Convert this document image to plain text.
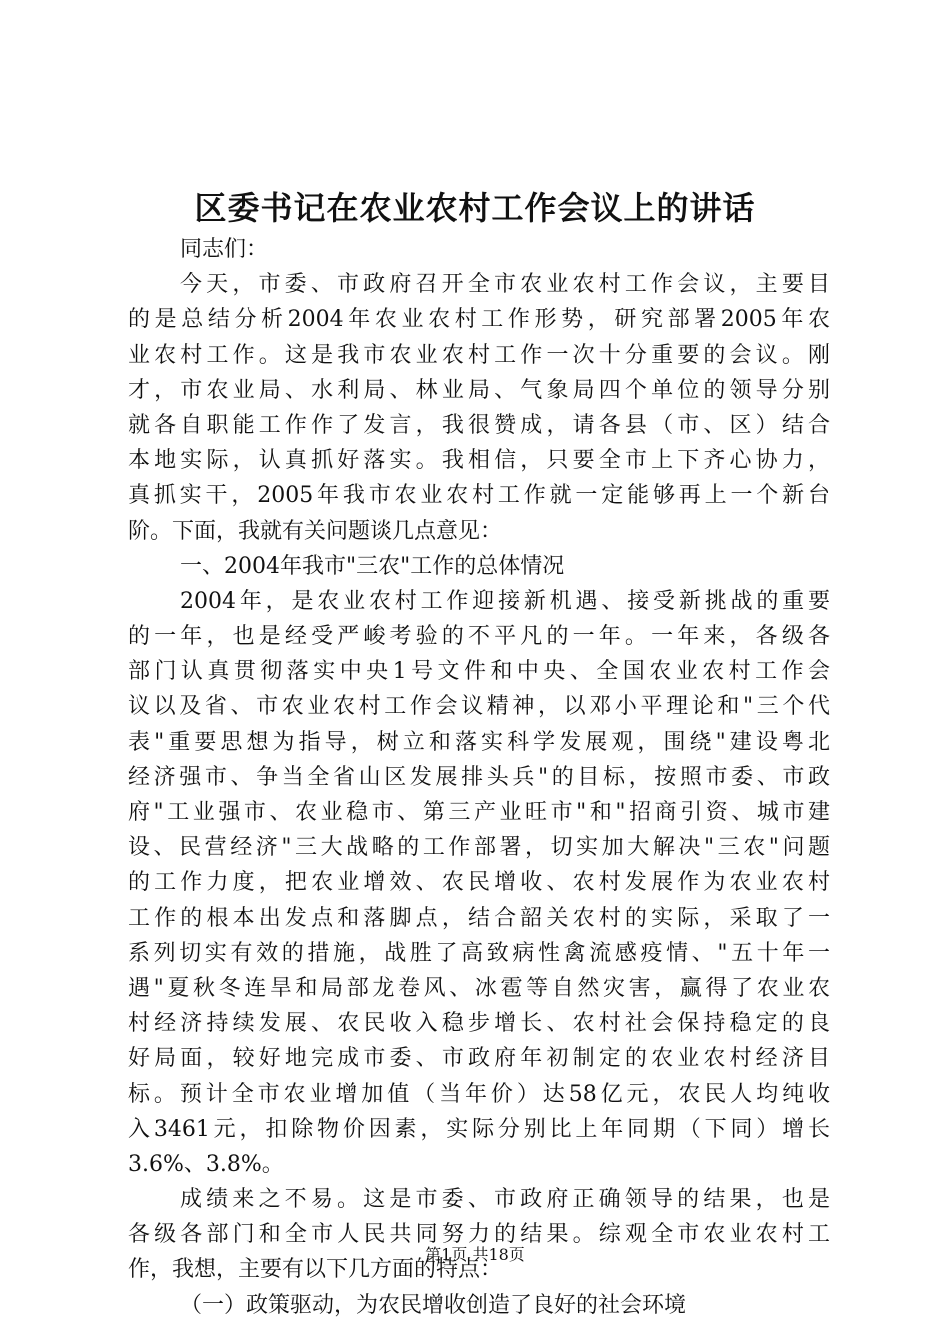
区委书记在农业农村工作会议上的讲话
同志们：
今天，市委、市政府召开全市农业农村工作会议，主要目
的是总结分析2004年农业农村工作形势，研究部署2005年农
业农村工作。这是我市农业农村工作一次十分重要的会议。刚
才，市农业局、水利局、林业局、气象局四个单位的领导分别
就各自职能工作作了发言，我很赞成，请各县（市、区）结合
本地实际，认真抓好落实。我相信，只要全市上下齐心协力，
真抓实干，2005年我市农业农村工作就一定能够再上一个新台
阶。下面，我就有关问题谈几点意见：
一、2004年我市"三农"工作的总体情况
2004年，是农业农村工作迎接新机遇、接受新挑战的重要
的一年，也是经受严峻考验的不平凡的一年。一年来，各级各
部门认真贯彻落实中央1号文件和中央、全国农业农村工作会
议以及省、市农业农村工作会议精神，以邓小平理论和"三个代
表"重要思想为指导，树立和落实科学发展观，围绕"建设粤北
经济强市、争当全省山区发展排头兵"的目标，按照市委、市政
府"工业强市、农业稳市、第三产业旺市"和"招商引资、城市建
设、民营经济"三大战略的工作部署，切实加大解决"三农"问题
的工作力度，把农业增效、农民增收、农村发展作为农业农村
工作的根本出发点和落脚点，结合韶关农村的实际，采取了一
系列切实有效的措施，战胜了高致病性禽流感疫情、"五十年一
遇"夏秋冬连旱和局部龙卷风、冰雹等自然灾害，赢得了农业农
村经济持续发展、农民收入稳步增长、农村社会保持稳定的良
好局面，较好地完成市委、市政府年初制定的农业农村经济目
标。预计全市农业增加值（当年价）达58亿元，农民人均纯收
入3461元，扣除物价因素，实际分别比上年同期（下同）增长
3.6%、3.8%。
成绩来之不易。这是市委、市政府正确领导的结果，也是
各级各部门和全市人民共同努力的结果。综观全市农业农村工
作，我想，主要有以下几方面的特点：
（一）政策驱动，为农民增收创造了良好的社会环境
第1页 共18页
